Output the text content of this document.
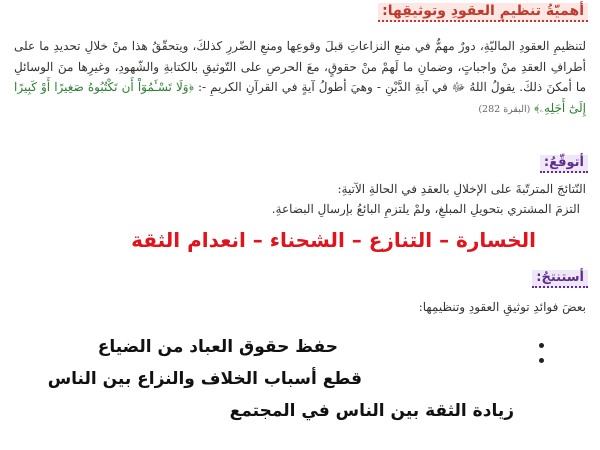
أهميّةُ تنظيمِ العقودِ وتوثيقِها:

لتنظيمِ العقودِ الماليّةِ، دورٌ مهمٌّ في منعِ النزاعاتِ قبلَ وقوعِها ومنعِ الضّررِ كذلكَ، ويتحقّقُ هذا منْ خلالِ تحديدِ ما على أطرافِ العقدِ منْ واجباتٍ، وضمانِ ما لَهمْ منْ حقوقٍ، معَ الحرصِ على التّوثيقِ بالكتابةِ والشّهودِ، وغيرِها منَ الوسائلِ ما أمكنَ ذلكَ. يقولُ اللهُ ﷻ في آيةِ الدَّيْنِ - وهيَ أطولُ آيةٍ في القرآنِ الكريمِ -: ﴿وَلَا تَسْـَٔمُوٓاْ أَن تَكْتُبُوهُ صَغِيرًا أَوْ كَبِيرًا إِلَىٰٓ أَجَلِهِۦ﴾ (البقرة 282)

أتوقّعُ:
النّتائجَ المترتّبةَ على الإخلالِ بالعقدِ في الحالةِ الآتيةِ:
التزمَ المشتري بتحويلِ المبلغِ، ولمْ يلتزمِ البائعُ بإرسالِ البضاعةِ.
الخسارة – التنازع – الشحناء – انعدام الثقة
أستنتجُ:
بعضَ فوائدِ توثيقِ العقودِ وتنظيمِها:
حفظ حقوق العباد من الضياع
قطع أسباب الخلاف والنزاع بين الناس
زيادة الثقة بين الناس في المجتمع
